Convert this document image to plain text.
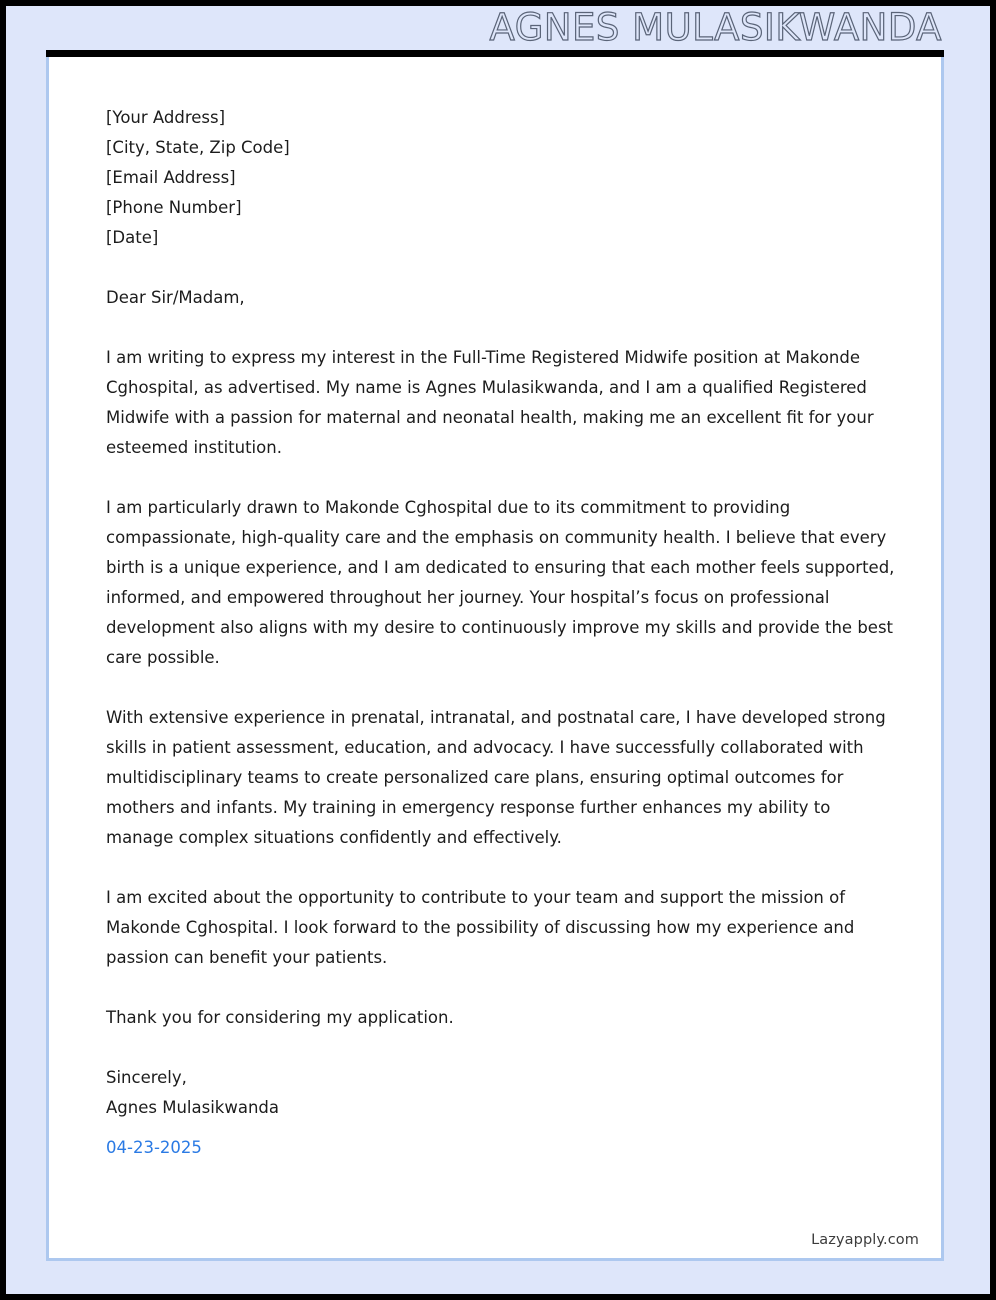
AGNES MULASIKWANDA
[Your Address]
[City, State, Zip Code]
[Email Address]
[Phone Number]
[Date]

Dear Sir/Madam,

I am writing to express my interest in the Full-Time Registered Midwife position at Makonde Cghospital, as advertised. My name is Agnes Mulasikwanda, and I am a qualified Registered Midwife with a passion for maternal and neonatal health, making me an excellent fit for your esteemed institution.

I am particularly drawn to Makonde Cghospital due to its commitment to providing compassionate, high-quality care and the emphasis on community health. I believe that every birth is a unique experience, and I am dedicated to ensuring that each mother feels supported, informed, and empowered throughout her journey. Your hospital’s focus on professional development also aligns with my desire to continuously improve my skills and provide the best care possible.

With extensive experience in prenatal, intranatal, and postnatal care, I have developed strong skills in patient assessment, education, and advocacy. I have successfully collaborated with multidisciplinary teams to create personalized care plans, ensuring optimal outcomes for mothers and infants. My training in emergency response further enhances my ability to manage complex situations confidently and effectively.

I am excited about the opportunity to contribute to your team and support the mission of Makonde Cghospital. I look forward to the possibility of discussing how my experience and passion can benefit your patients.

Thank you for considering my application.

Sincerely,
Agnes Mulasikwanda
04-23-2025
Lazyapply.com
